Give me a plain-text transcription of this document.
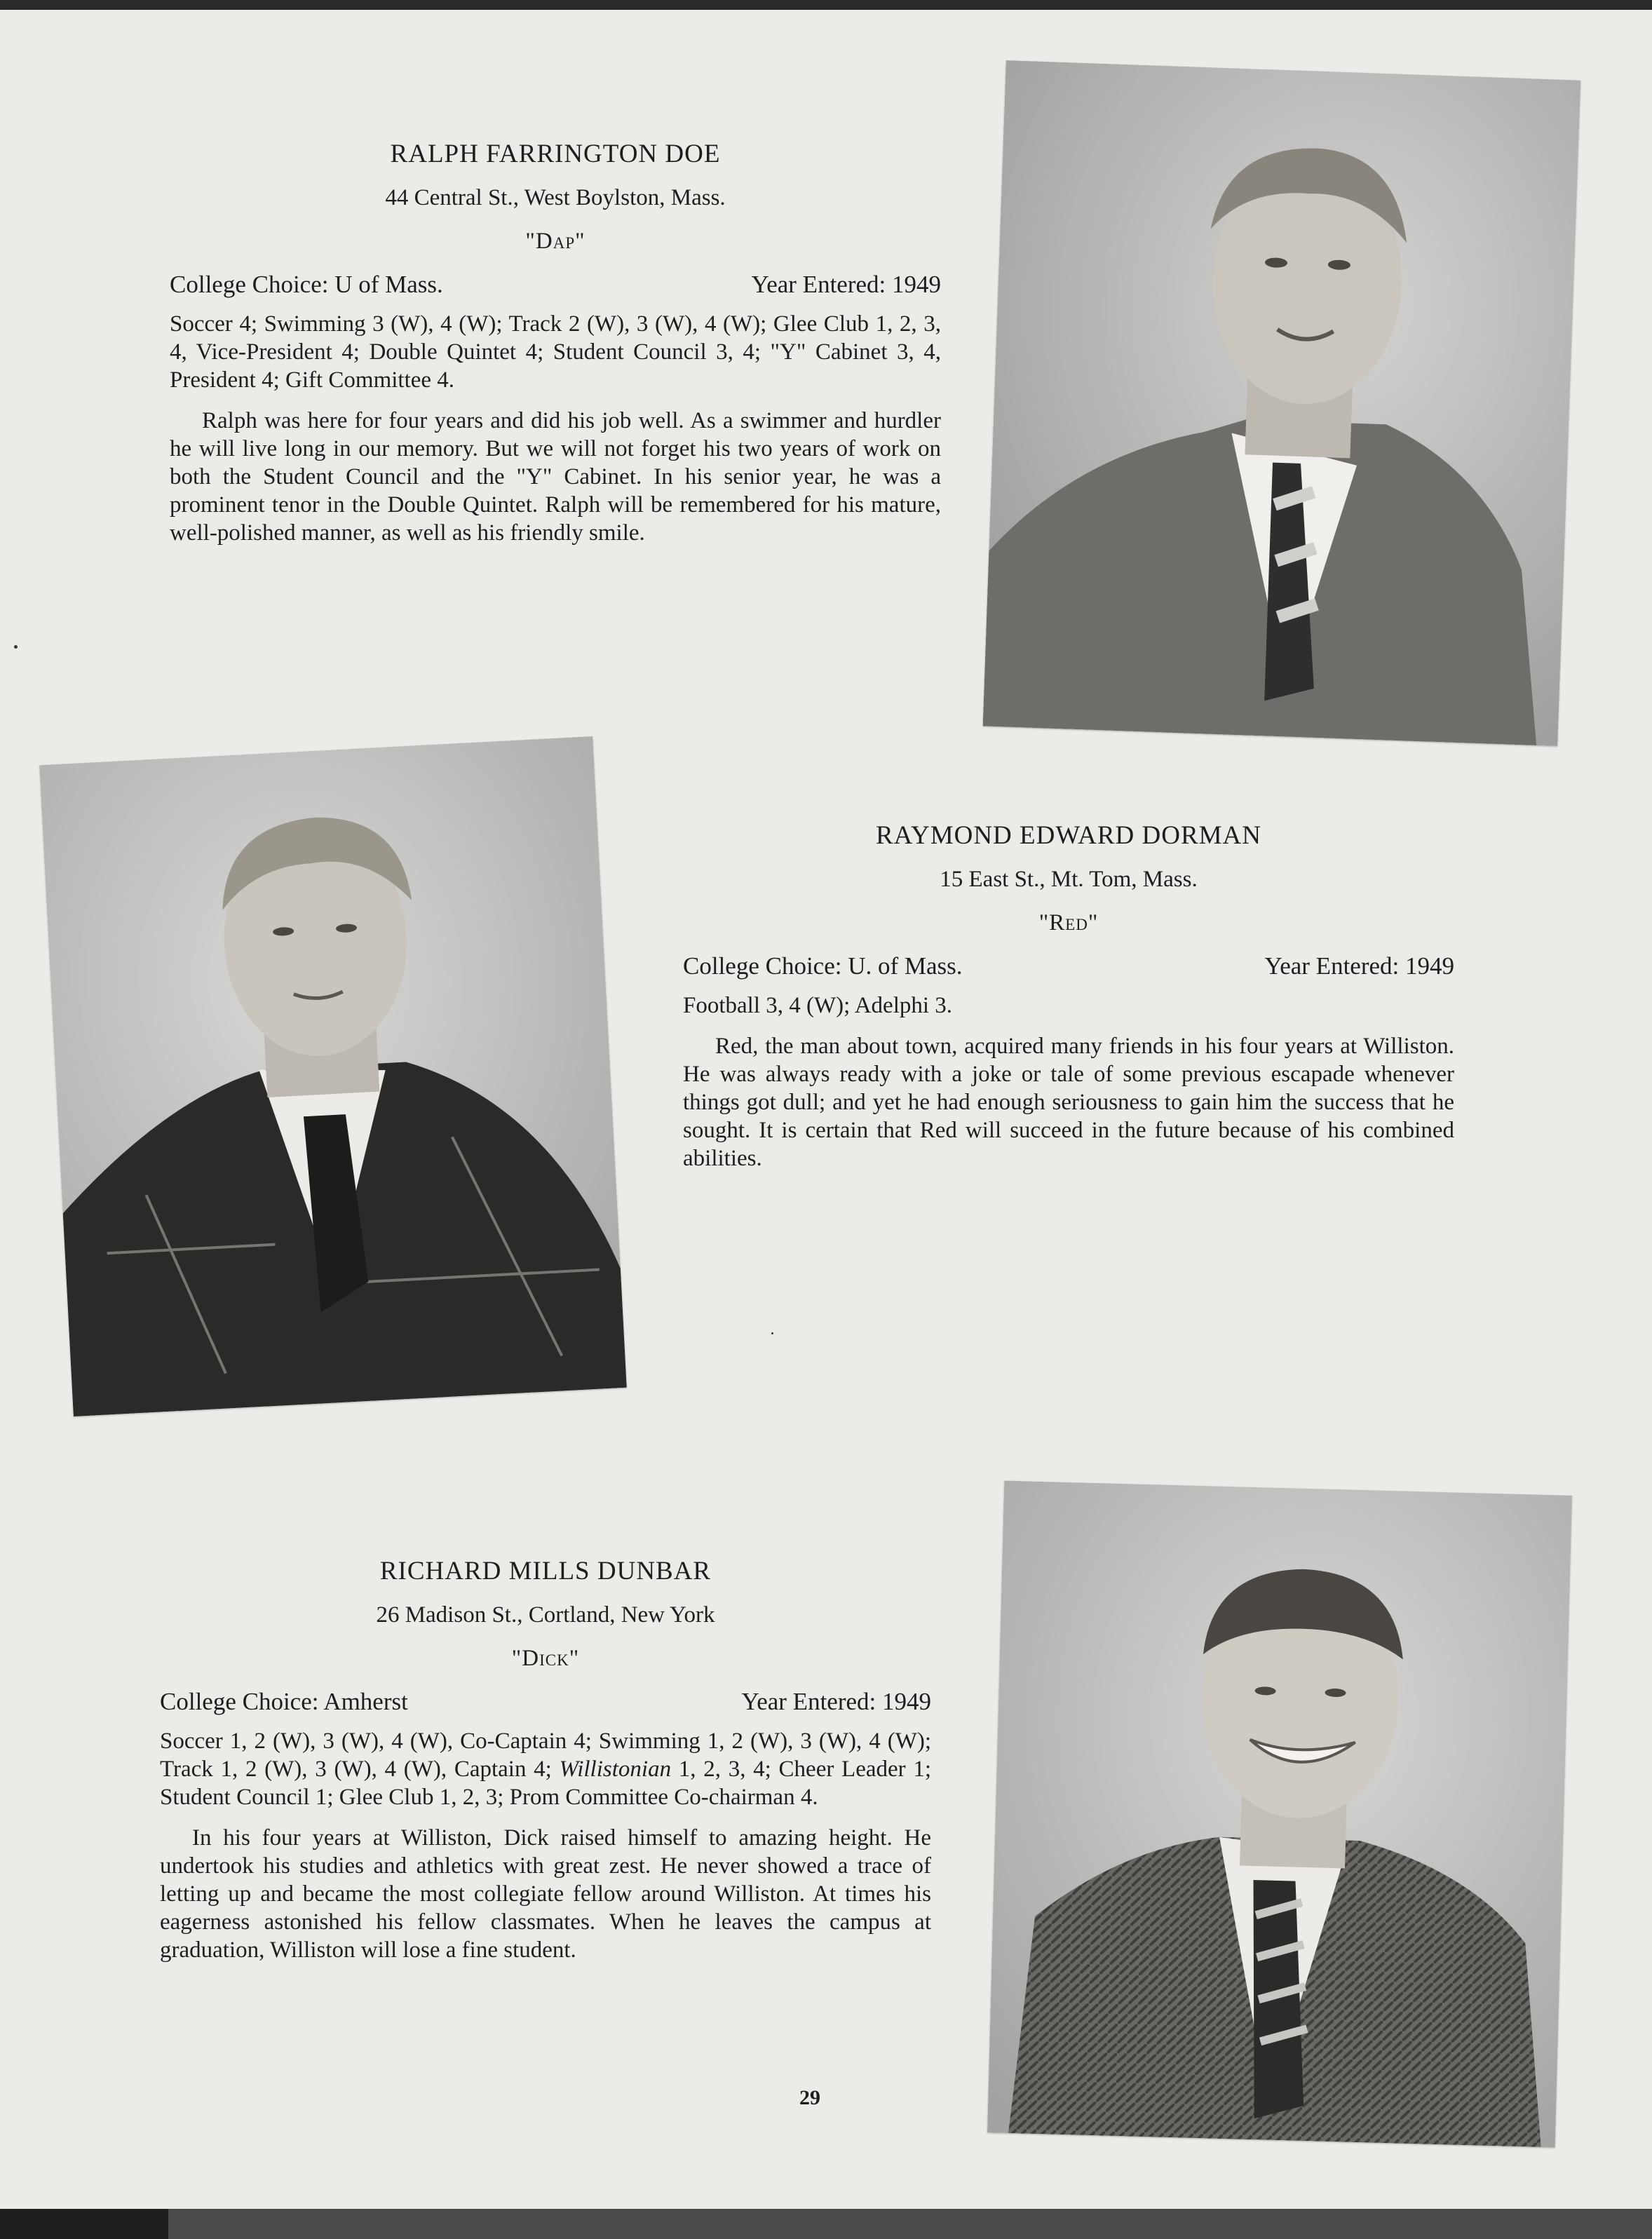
RALPH FARRINGTON DOE
44 Central St., West Boylston, Mass.
"Dap"
College Choice: U of Mass.	Year Entered: 1949
Soccer 4; Swimming 3 (W), 4 (W); Track 2 (W), 3 (W), 4 (W); Glee Club 1, 2, 3, 4, Vice-President 4; Double Quintet 4; Student Council 3, 4; "Y" Cabinet 3, 4, President 4; Gift Committee 4.

Ralph was here for four years and did his job well. As a swimmer and hurdler he will live long in our memory. But we will not forget his two years of work on both the Student Council and the "Y" Cabinet. In his senior year, he was a prominent tenor in the Double Quintet. Ralph will be remembered for his mature, well-polished manner, as well as his friendly smile.

RAYMOND EDWARD DORMAN
15 East St., Mt. Tom, Mass.
"Red"
College Choice: U. of Mass.	Year Entered: 1949
Football 3, 4 (W); Adelphi 3.

Red, the man about town, acquired many friends in his four years at Williston. He was always ready with a joke or tale of some previous escapade whenever things got dull; and yet he had enough seriousness to gain him the success that he sought. It is certain that Red will succeed in the future because of his combined abilities.

RICHARD MILLS DUNBAR
26 Madison St., Cortland, New York
"Dick"
College Choice: Amherst	Year Entered: 1949
Soccer 1, 2 (W), 3 (W), 4 (W), Co-Captain 4; Swimming 1, 2 (W), 3 (W), 4 (W); Track 1, 2 (W), 3 (W), 4 (W), Captain 4; Willistonian 1, 2, 3, 4; Cheer Leader 1; Student Council 1; Glee Club 1, 2, 3; Prom Committee Co-chairman 4.

In his four years at Williston, Dick raised himself to amazing height. He undertook his studies and athletics with great zest. He never showed a trace of letting up and became the most collegiate fellow around Williston. At times his eagerness astonished his fellow classmates. When he leaves the campus at graduation, Williston will lose a fine student.

29
